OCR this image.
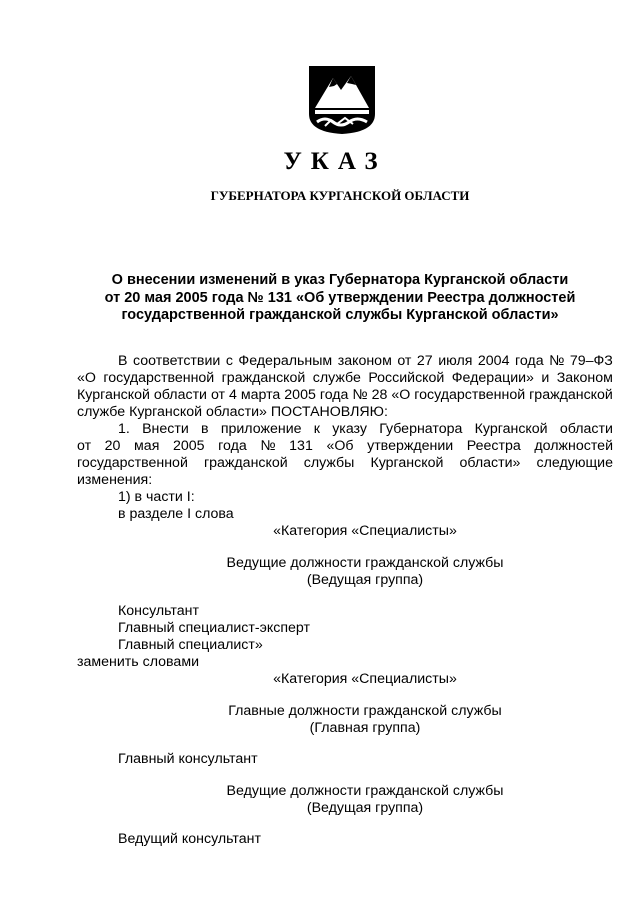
УКАЗ
ГУБЕРНАТОРА КУРГАНСКОЙ ОБЛАСТИ
О внесении изменений в указ Губернатора Курганской области
от 20 мая 2005 года № 131 «Об утверждении Реестра должностей
государственной гражданской службы Курганской области»
В соответствии с Федеральным законом от 27 июля 2004 года № 79–ФЗ
«О государственной гражданской службе Российской Федерации» и Законом
Курганской области от 4 марта 2005 года № 28 «О государственной гражданской
службе Курганской области» ПОСТАНОВЛЯЮ:
1. Внести в приложение к указу Губернатора Курганской области
от 20 мая 2005 года № 131 «Об утверждении Реестра должностей
государственной гражданской службы Курганской области» следующие
изменения:
1) в части I:
в разделе I слова
«Категория «Специалисты»
Ведущие должности гражданской службы
(Ведущая группа)
Консультант
Главный специалист-эксперт
Главный специалист»
заменить словами
«Категория «Специалисты»
Главные должности гражданской службы
(Главная группа)
Главный консультант
Ведущие должности гражданской службы
(Ведущая группа)
Ведущий консультант
